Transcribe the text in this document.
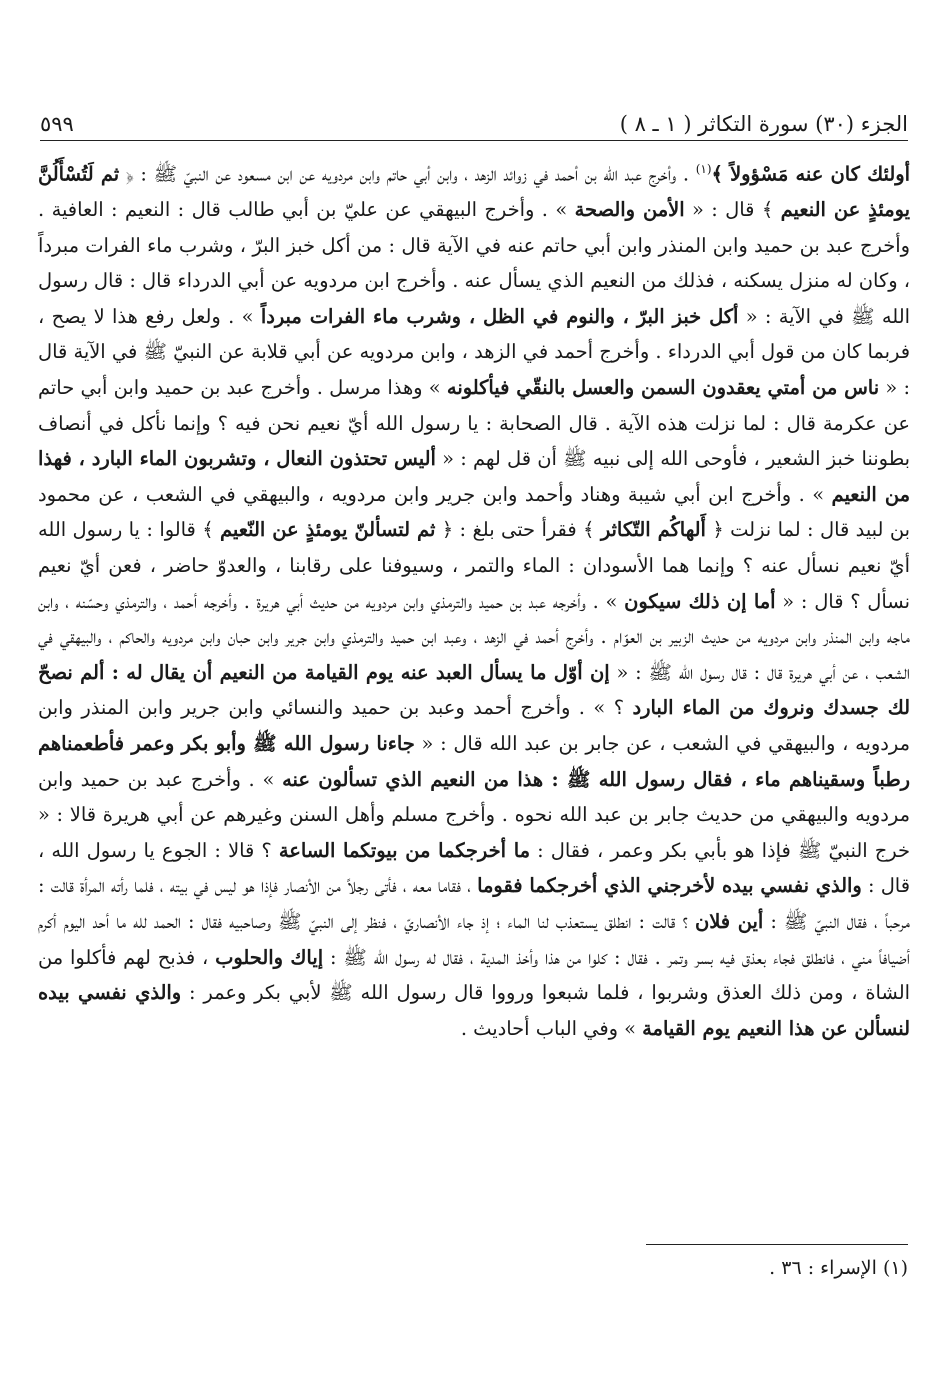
الجزء (٣٠) سورة التكاثر ( ١ ـ ٨ )
٥٩٩

أولئك كان عنه مَسْؤولاً ﴾$^{(١)}$ . وأخرج عبد الله بن أحمد في زوائد الزهد ، وابن أبي حاتم وابن مردويه عن ابن مسعود عن النبيّ ﷺ : ﴿ ثم لَتُسْأَلُنَّ يومئذٍ عن النعيم ﴾ قال : « الأمن والصحة » . وأخرج البيهقي عن عليّ بن أبي طالب قال : النعيم : العافية . وأخرج عبد بن حميد وابن المنذر وابن أبي حاتم عنه في الآية قال : من أكل خبز البرّ ، وشرب ماء الفرات مبرداً ، وكان له منزل يسكنه ، فذلك من النعيم الذي يسأل عنه . وأخرج ابن مردويه عن أبي الدرداء قال : قال رسول الله ﷺ في الآية : « أكل خبز البرّ ، والنوم في الظل ، وشرب ماء الفرات مبرداً » . ولعل رفع هذا لا يصح ، فربما كان من قول أبي الدرداء . وأخرج أحمد في الزهد ، وابن مردويه عن أبي قلابة عن النبيّ ﷺ في الآية قال : « ناس من أمتي يعقدون السمن والعسل بالنقّي فيأكلونه » وهذا مرسل . وأخرج عبد بن حميد وابن أبي حاتم عن عكرمة قال : لما نزلت هذه الآية . قال الصحابة : يا رسول الله أيّ نعيم نحن فيه ؟ وإنما نأكل في أنصاف بطوننا خبز الشعير ، فأوحى الله إلى نبيه ﷺ أن قل لهم : « أليس تحتذون النعال ، وتشربون الماء البارد ، فهذا من النعيم » . وأخرج ابن أبي شيبة وهناد وأحمد وابن جرير وابن مردويه ، والبيهقي في الشعب ، عن محمود بن لبيد قال : لما نزلت ﴿ أَلهاكُم التّكاثر ﴾ فقرأ حتى بلغ : ﴿ ثم لتسألنّ يومئذٍ عن النّعيم ﴾ قالوا : يا رسول الله أيّ نعيم نسأل عنه ؟ وإنما هما الأسودان : الماء والتمر ، وسيوفنا على رقابنا ، والعدوّ حاضر ، فعن أيّ نعيم نسأل ؟ قال : « أما إن ذلك سيكون » . وأخرجه عبد بن حميد والترمذي وابن مردويه من حديث أبي هريرة . وأخرجه أحمد ، والترمذي وحسّنه ، وابن ماجه وابن المنذر وابن مردويه من حديث الزبير بن العوّام . وأخرج أحمد في الزهد ، وعبد ابن حميد والترمذي وابن جرير وابن حبان وابن مردويه والحاكم ، والبيهقي في الشعب ، عن أبي هريرة قال : قال رسول الله ﷺ : « إن أوّل ما يسأل العبد عنه يوم القيامة من النعيم أن يقال له : ألم نصحّ لك جسدك ونروك من الماء البارد ؟ » . وأخرج أحمد وعبد بن حميد والنسائي وابن جرير وابن المنذر وابن مردويه ، والبيهقي في الشعب ، عن جابر بن عبد الله قال : « جاءنا رسول الله ﷺ وأبو بكر وعمر فأطعمناهم رطباً وسقيناهم ماء ، فقال رسول الله ﷺ : هذا من النعيم الذي تسألون عنه » . وأخرج عبد بن حميد وابن مردويه والبيهقي من حديث جابر بن عبد الله نحوه . وأخرج مسلم وأهل السنن وغيرهم عن أبي هريرة قالا : « خرج النبيّ ﷺ فإذا هو بأبي بكر وعمر ، فقال : ما أخرجكما من بيوتكما الساعة ؟ قالا : الجوع يا رسول الله ، قال : والذي نفسي بيده لأخرجني الذي أخرجكما فقوما ، فقاما معه ، فأتى رجلاً من الأنصار فإذا هو ليس في بيته ، فلما رأته المرأة قالت : مرحباً ، فقال النبيّ ﷺ : أين فلان ؟ قالت : انطلق يستعذب لنا الماء ؛ إذ جاء الأنصاريّ ، فنظر إلى النبيّ ﷺ وصاحبيه فقال : الحمد لله ما أحد اليوم أكرم أضيافاً مني ، فانطلق فجاء بعذق فيه بسر وتمر . فقال : كلوا من هذا وأخذ المدية ، فقال له رسول الله ﷺ : إياك والحلوب ، فذبح لهم فأكلوا من الشاة ، ومن ذلك العذق وشربوا ، فلما شبعوا ورووا قال رسول الله ﷺ لأبي بكر وعمر : والذي نفسي بيده لنسألن عن هذا النعيم يوم القيامة » وفي الباب أحاديث .

(١) الإسراء : ٣٦ .
